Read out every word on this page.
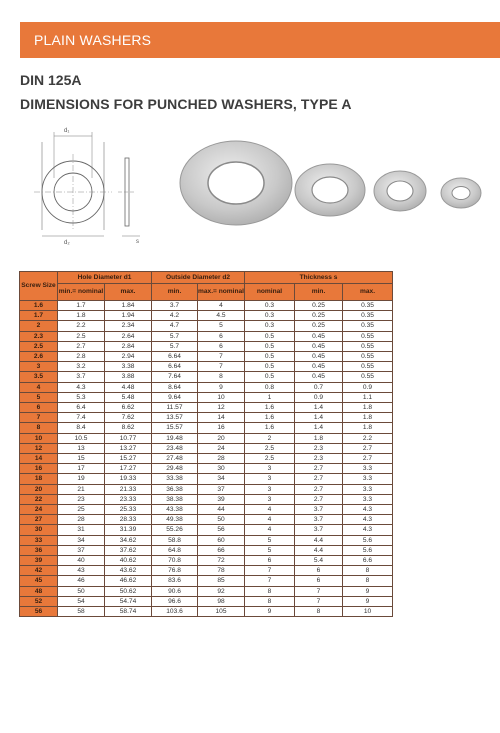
PLAIN WASHERS
DIN 125A
DIMENSIONS FOR PUNCHED WASHERS, TYPE A
d₁
d₂	s
Screw Size	Hole Diameter d1		Outside Diameter d2		Thickness s		
	min.= nominal	max.	min.	max.= nominal	nominal	min.	max.
1.6	1.7	1.84	3.7	4	0.3	0.25	0.35
1.7	1.8	1.94	4.2	4.5	0.3	0.25	0.35
2	2.2	2.34	4.7	5	0.3	0.25	0.35
2.3	2.5	2.64	5.7	6	0.5	0.45	0.55
2.5	2.7	2.84	5.7	6	0.5	0.45	0.55
2.6	2.8	2.94	6.64	7	0.5	0.45	0.55
3	3.2	3.38	6.64	7	0.5	0.45	0.55
3.5	3.7	3.88	7.64	8	0.5	0.45	0.55
4	4.3	4.48	8.64	9	0.8	0.7	0.9
5	5.3	5.48	9.64	10	1	0.9	1.1
6	6.4	6.62	11.57	12	1.6	1.4	1.8
7	7.4	7.62	13.57	14	1.6	1.4	1.8
8	8.4	8.62	15.57	16	1.6	1.4	1.8
10	10.5	10.77	19.48	20	2	1.8	2.2
12	13	13.27	23.48	24	2.5	2.3	2.7
14	15	15.27	27.48	28	2.5	2.3	2.7
16	17	17.27	29.48	30	3	2.7	3.3
18	19	19.33	33.38	34	3	2.7	3.3
20	21	21.33	36.38	37	3	2.7	3.3
22	23	23.33	38.38	39	3	2.7	3.3
24	25	25.33	43.38	44	4	3.7	4.3
27	28	28.33	49.38	50	4	3.7	4.3
30	31	31.39	55.26	56	4	3.7	4.3
33	34	34.62	58.8	60	5	4.4	5.6
36	37	37.62	64.8	66	5	4.4	5.6
39	40	40.62	70.8	72	6	5.4	6.6
42	43	43.62	76.8	78	7	6	8
45	46	46.62	83.6	85	7	6	8
48	50	50.62	90.6	92	8	7	9
52	54	54.74	96.6	98	8	7	9
56	58	58.74	103.6	105	9	8	10
